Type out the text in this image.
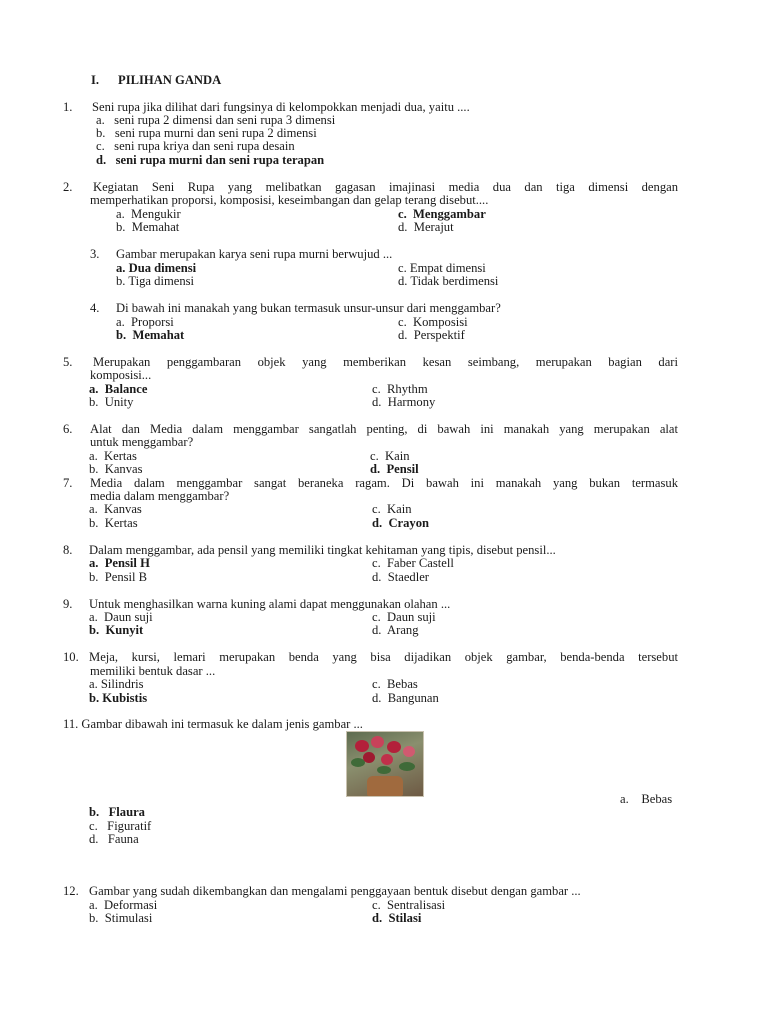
I. PILIHAN GANDA
1. Seni rupa jika dilihat dari fungsinya di kelompokkan menjadi dua, yaitu ....
a.   seni rupa 2 dimensi dan seni rupa 3 dimensi
b.   seni rupa murni dan seni rupa 2 dimensi
c.   seni rupa kriya dan seni rupa desain
d.   seni rupa murni dan seni rupa terapan
2. Kegiatan Seni Rupa yang melibatkan gagasan imajinasi media dua dan tiga dimensi dengan
memperhatikan proporsi, komposisi, keseimbangan dan gelap terang disebut....
a.  Mengukir	c.  Menggambar
b.  Memahat	d.  Merajut
3. Gambar merupakan karya seni rupa murni berwujud ...
a. Dua dimensi	c. Empat dimensi
b. Tiga dimensi	d. Tidak berdimensi
4. Di bawah ini manakah yang bukan termasuk unsur-unsur dari menggambar?
a.  Proporsi	c.  Komposisi
b.  Memahat	d.  Perspektif
5. Merupakan penggambaran objek yang memberikan kesan seimbang, merupakan bagian dari
komposisi...
a.  Balance	c.  Rhythm
b.  Unity	d.  Harmony
6. Alat dan Media dalam menggambar sangatlah penting, di bawah ini manakah yang merupakan alat
untuk menggambar?
a.  Kertas	c.  Kain
b.  Kanvas	d.  Pensil
7. Media dalam menggambar sangat beraneka ragam. Di bawah ini manakah yang bukan termasuk
media dalam menggambar?
a.  Kanvas	c.  Kain
b.  Kertas	d.  Crayon
8. Dalam menggambar, ada pensil yang memiliki tingkat kehitaman yang tipis, disebut pensil...
a.  Pensil H	c.  Faber Castell
b.  Pensil B	d.  Staedler
9. Untuk menghasilkan warna kuning alami dapat menggunakan olahan ...
a.  Daun suji	c.  Daun suji
b.  Kunyit	d.  Arang
10. Meja, kursi, lemari merupakan benda yang bisa dijadikan objek gambar, benda-benda tersebut
memiliki bentuk dasar ...
a. Silindris	c.  Bebas
b. Kubistis	d.  Bangunan
11. Gambar dibawah ini termasuk ke dalam jenis gambar ...
a.    Bebas
b.   Flaura
c.   Figuratif
d.   Fauna
12. Gambar yang sudah dikembangkan dan mengalami penggayaan bentuk disebut dengan gambar ...
a.  Deformasi	c.  Sentralisasi
b.  Stimulasi	d.  Stilasi
